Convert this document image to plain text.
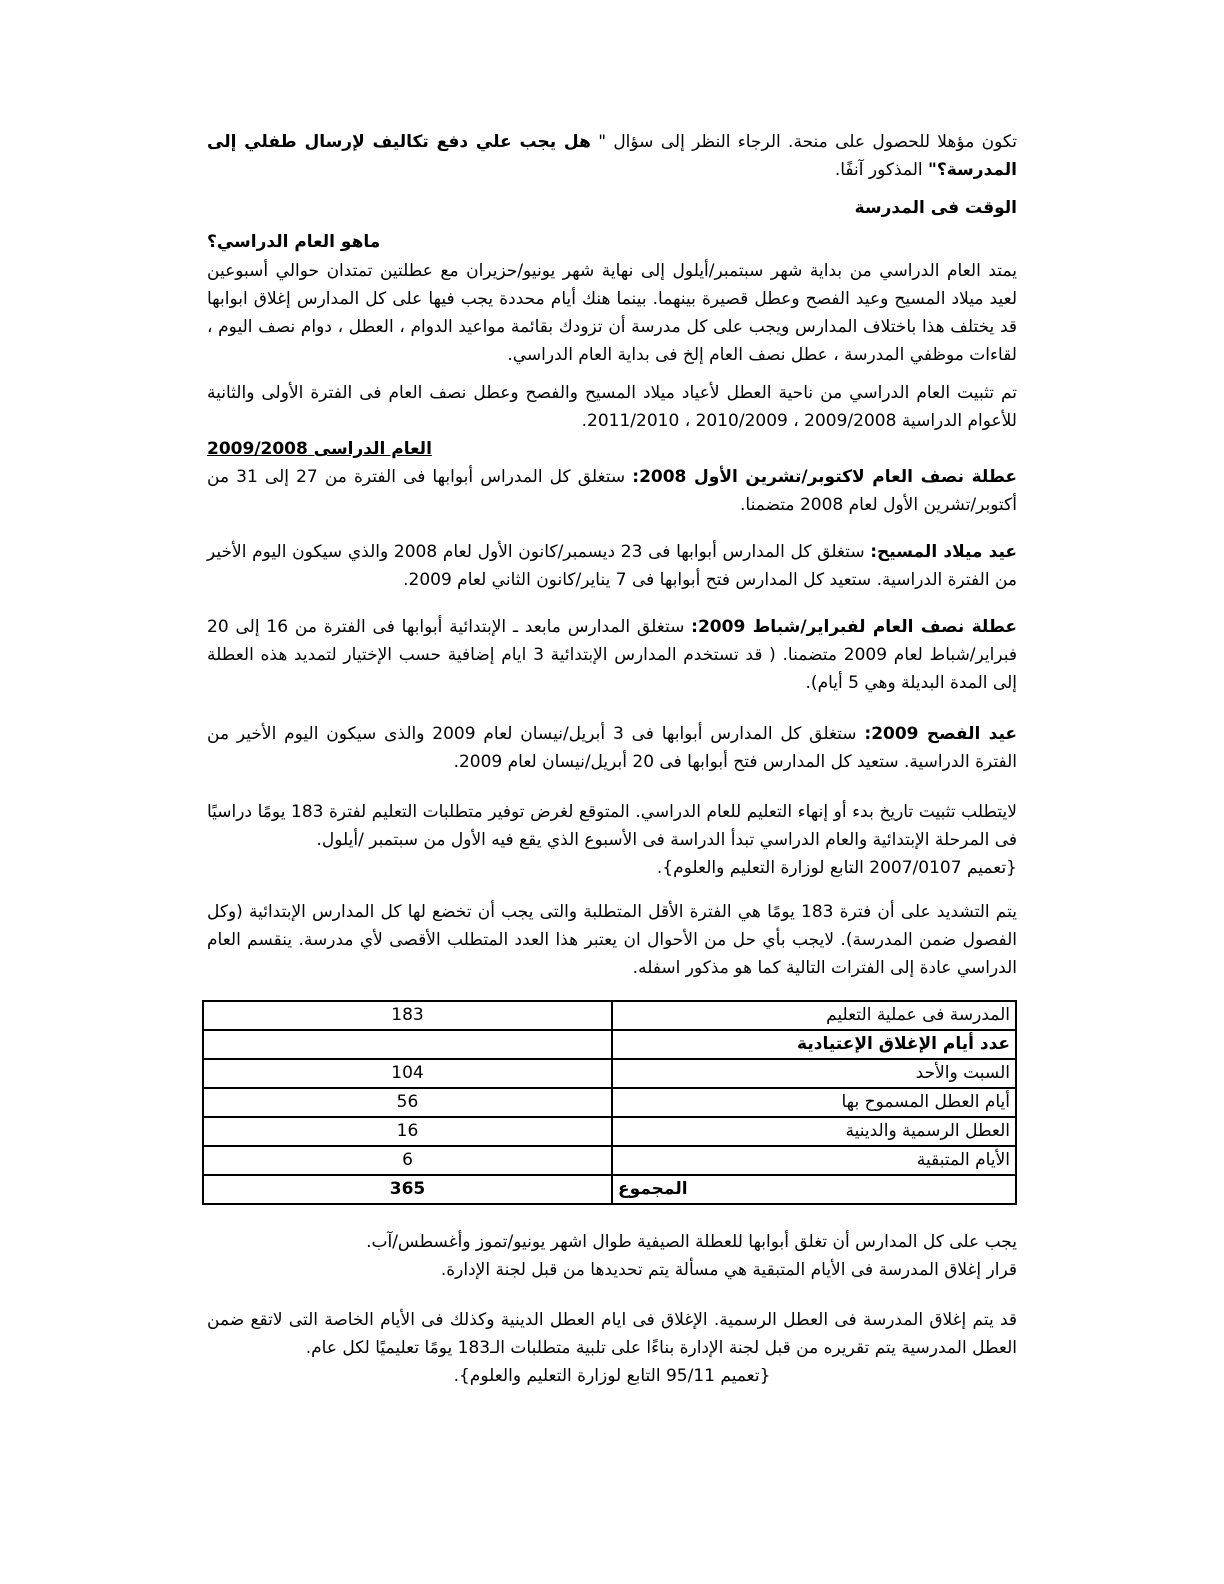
تكون مؤهلا للحصول على منحة. الرجاء النظر إلى سؤال " هل يجب علي دفع تكاليف لإرسال طفلي إلى المدرسة؟" المذكور آنفًا.

الوقت فى المدرسة

ماهو العام الدراسي؟

يمتد العام الدراسي من بداية شهر سبتمبر/أيلول إلى نهاية شهر يونيو/حزيران مع عطلتين تمتدان حوالي أسبوعين لعيد ميلاد المسيح وعيد الفصح وعطل قصيرة بينهما. بينما هنك أيام محددة يجب فيها على كل المدارس إغلاق ابوابها قد يختلف هذا باختلاف المدارس ويجب على كل مدرسة أن تزودك بقائمة مواعيد الدوام ، العطل ، دوام نصف اليوم ، لقاءات موظفي المدرسة ، عطل نصف العام إلخ فى بداية العام الدراسي.

تم تثبيت العام الدراسي من ناحية العطل لأعياد ميلاد المسيح والفصح وعطل نصف العام فى الفترة الأولى والثانية للأعوام الدراسية 2009/2008 ، 2010/2009 ، 2011/2010.

العام الدراسى 2009/2008

عطلة نصف العام لاكتوبر/تشرين الأول 2008: ستغلق كل المدراس أبوابها فى الفترة من 27 إلى 31 من أكتوبر/تشرين الأول لعام 2008 متضمنا.

عيد ميلاد المسيح: ستغلق كل المدارس أبوابها فى 23 ديسمبر/كانون الأول لعام 2008 والذي سيكون اليوم الأخير من الفترة الدراسية. ستعيد كل المدارس فتح أبوابها فى 7 يناير/كانون الثاني لعام 2009.

عطلة نصف العام لفبراير/شباط 2009: ستغلق المدارس مابعد ـ الإبتدائية أبوابها فى الفترة من 16 إلى 20 فبراير/شباط لعام 2009 متضمنا. ( قد تستخدم المدارس الإبتدائية 3 ايام إضافية حسب الإختيار لتمديد هذه العطلة إلى المدة البديلة وهي 5 أيام).

عيد الفصح 2009: ستغلق كل المدارس أبوابها فى 3 أبريل/نيسان لعام 2009 والذى سيكون اليوم الأخير من الفترة الدراسية. ستعيد كل المدارس فتح أبوابها فى 20 أبريل/نيسان لعام 2009.

لايتطلب تثبيت تاريخ بدء أو إنهاء التعليم للعام الدراسي. المتوقع لغرض توفير متطلبات التعليم لفترة 183 يومًا دراسيًا فى المرحلة الإبتدائية والعام الدراسي تبدأ الدراسة فى الأسبوع الذي يقع فيه الأول من سبتمبر /أيلول.
{تعميم 2007/0107 التابع لوزارة التعليم والعلوم}.

يتم التشديد على أن فترة 183 يومًا هي الفترة الأقل المتطلبة والتى يجب أن تخضع لها كل المدارس الإبتدائية (وكل الفصول ضمن المدرسة). لايجب بأي حل من الأحوال ان يعتبر هذا العدد المتطلب الأقصى لأي مدرسة. ينقسم العام الدراسي عادة إلى الفترات التالية كما هو مذكور اسفله.

المدرسة فى عملية التعليم	183
عدد أيام الإغلاق الإعتيادية	
السبت والأحد	104
أيام العطل المسموح بها	56
العطل الرسمية والدينية	16
الأيام المتبقية	6
المجموع	365

يجب على كل المدارس أن تغلق أبوابها للعطلة الصيفية طوال اشهر يونيو/تموز وأغسطس/آب.
قرار إغلاق المدرسة فى الأيام المتبقية هي مسألة يتم تحديدها من قبل لجنة الإدارة.

قد يتم إغلاق المدرسة فى العطل الرسمية. الإغلاق فى ايام العطل الدينية وكذلك فى الأيام الخاصة التى لاتقع ضمن العطل المدرسية يتم تقريره من قبل لجنة الإدارة بناءًا على تلبية متطلبات الـ183 يومًا تعليميًا لكل عام.

{تعميم 95/11 التابع لوزارة التعليم والعلوم}.
